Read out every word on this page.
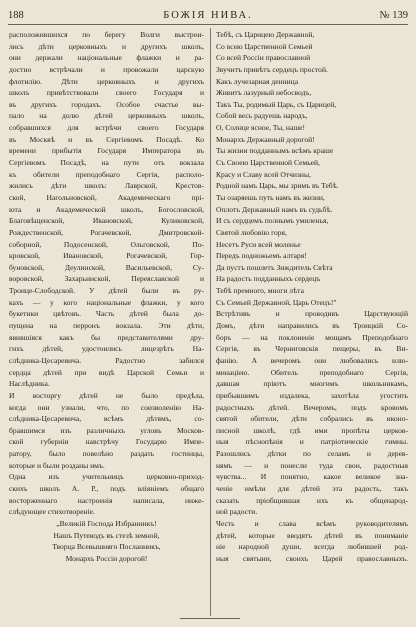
188	БОЖІЯ НИВА.	№ 139
расположившихся по берегу Волги выстрои-
лись дѣти церковныхъ и другихъ школъ,
они держали національные флажки и ра-
достно встрѣчали и провожали царскую
флотилію. Дѣти церковныхъ и другихъ
школъ привѣтствовали своего Государя и
въ другихъ городахъ. Особое счастье вы-
пало на долю дѣтей церковныхъ школъ,
собравшихся для встрѣчи своего Государя
въ Москвѣ и въ Сергіевомъ Посадѣ. Ко
времени прибытія Государя Императора въ
Сергіевомъ Посадѣ, на пути отъ вокзала
къ обители преподобнаго Сергія, располо-
жились дѣти школъ: Лаврской, Крестов-
ской, Нагольновской, Академическаго прі-
юта и Академической школъ, Богословской,
Благовѣщенской, Ивановской, Куликовской,
Рождественской, Рогачевской, Дмитровской-
соборной, Подосенской, Ольговской, По-
кровской, Ивановской, Рогачевской, Гор-
буновской, Деулинской, Васильевской, Су-
воровской, Захарьинской, Переяславской и
Троице-Слободской. У дѣтей были въ ру-
кахъ — у кого національные флажки, у кого
букетики цвѣтовъ. Часть дѣтей была до-
пущена на перронъ вокзала. Эти дѣти,
явившіяся какъ бы представителями дру-
гихъ дѣтей, удостоились лицезрѣть На-
слѣдника-Цесаревича. Радостно забился
сердца дѣтей при видѣ Царской Семьи и
Наслѣдника.
И восторгу дѣтей не было предѣла,
когда они узнали, что, по соизволенію На-
слѣдника-Цесаревича, всѣмъ дѣтямъ, со-
бравшимся изъ различныхъ угловъ Москов-
ской губерніи навстрѣчу Государю Импе-
ратору, было повелѣно раздать гостинцы,
которые и были розданы имъ.
Одна изъ учительницъ церковно-приход-
скихъ школъ А. Р., подъ вліяніемъ общаго
восторженнаго настроенія написала, ниже-
слѣдующее стихотвореніе.
„Великій Господа Избранникъ!
Нашъ Путеводъ въ стезѣ земной,
Творца Всевышняго Посланникъ,
Монархъ Россіи дорогой!
Тебѣ, съ Царицею Державной,
Со всею Царственной Семьей
Со всей Россіи православной
Звучитъ привѣтъ сердецъ простой.
Какъ лучезарная денница
Живитъ лазурный небосводъ,
Такъ Ты, родимый Царь, съ Царицей,
Собой весь радуешь народъ,
О, Солнце ясное, Ты, наше!
Монархъ Державный дорогой!
Ты жизни подданнымъ всѣмъ краше
Съ Своею Царственной Семьей,
Красу и Славу всей Отчизны,
Родной намъ Царь, мы зримъ въ Тебѣ.
Ты озаряешь путь намъ въ жизни,
Оплотъ Державный намъ въ судьбѣ.
И съ сердцемъ полнымъ умиленья,
Святой любовію горя,
Несетъ Руси всей моленье
Передъ подножьемъ алтаря!
Да пустъ пошлетъ Зиждитель Свѣта
На радость подданныхъ сердецъ
Тебѣ премного, многи лѣта
Съ Семьей Державной, Царь Отецъ!"
Встрѣтивъ и проводивъ Царствующій
Домъ, дѣти направились въ Троицкій Со-
боръ — на поклоненіе мощамъ Преподобнаго
Сергія, въ Черниговскія пещеры, въ Ви-
фанію. А вечеромъ они любовались илю-
минаціею. Обитель преподобнаго Сергія,
давшая пріютъ многимъ школьникамъ,
прибывшимъ издалека, захотѣла угостить
радостныхъ дѣтей. Вечеромъ, подъ кровомъ
святой обители, дѣти собрались въ иконо-
писной школѣ, гдѣ ими пропѣты церков-
ныя пѣснопѣнія и патріотическіе гимны.
Разошлись дѣтки по селамъ и дерев-
нямъ — и понесли туда свои, радостныя
чувства... И понятно, какое великое зна-
ченіе имѣли для дѣтей эта радость, такъ
сказать пріобщившая ихъ къ общенарод-
ной радости.
Честь и слава всѣмъ руководителямъ
дѣтей, которые вводятъ дѣтей въ пониманіе
ніе народной души, всегда любившей род-
ныя святыни, своихъ Царей православныхъ.
